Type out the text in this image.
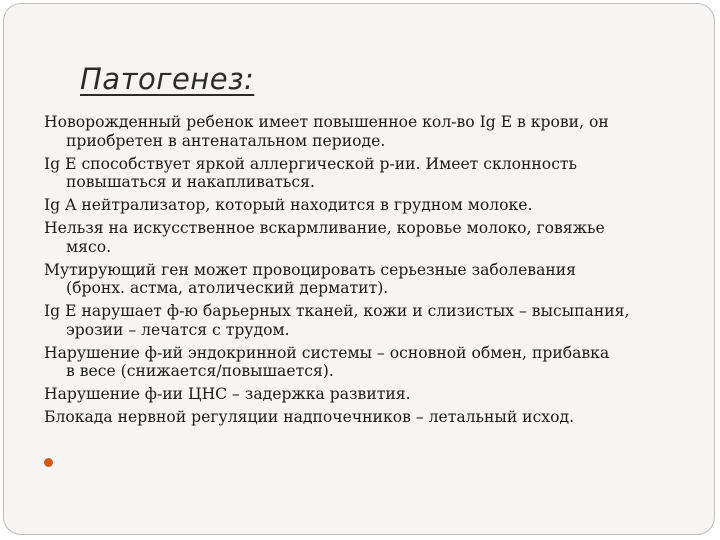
Патогенез:
Новорожденный ребенок имеет повышенное кол-во Ig E в крови, он
приобретен в антенатальном периоде.
Ig E способствует яркой аллергической р-ии. Имеет склонность
повышаться и накапливаться.
Ig A нейтрализатор, который находится в грудном молоке.
Нельзя на искусственное вскармливание, коровье молоко, говяжье
мясо.
Мутирующий ген может провоцировать серьезные заболевания
(бронх. астма, атолический дерматит).
Ig E нарушает ф-ю барьерных тканей, кожи и слизистых – высыпания,
эрозии – лечатся с трудом.
Нарушение ф-ий эндокринной системы – основной обмен, прибавка
в весе (снижается/повышается).
Нарушение ф-ии ЦНС – задержка развития.
Блокада нервной регуляции надпочечников – летальный исход.
